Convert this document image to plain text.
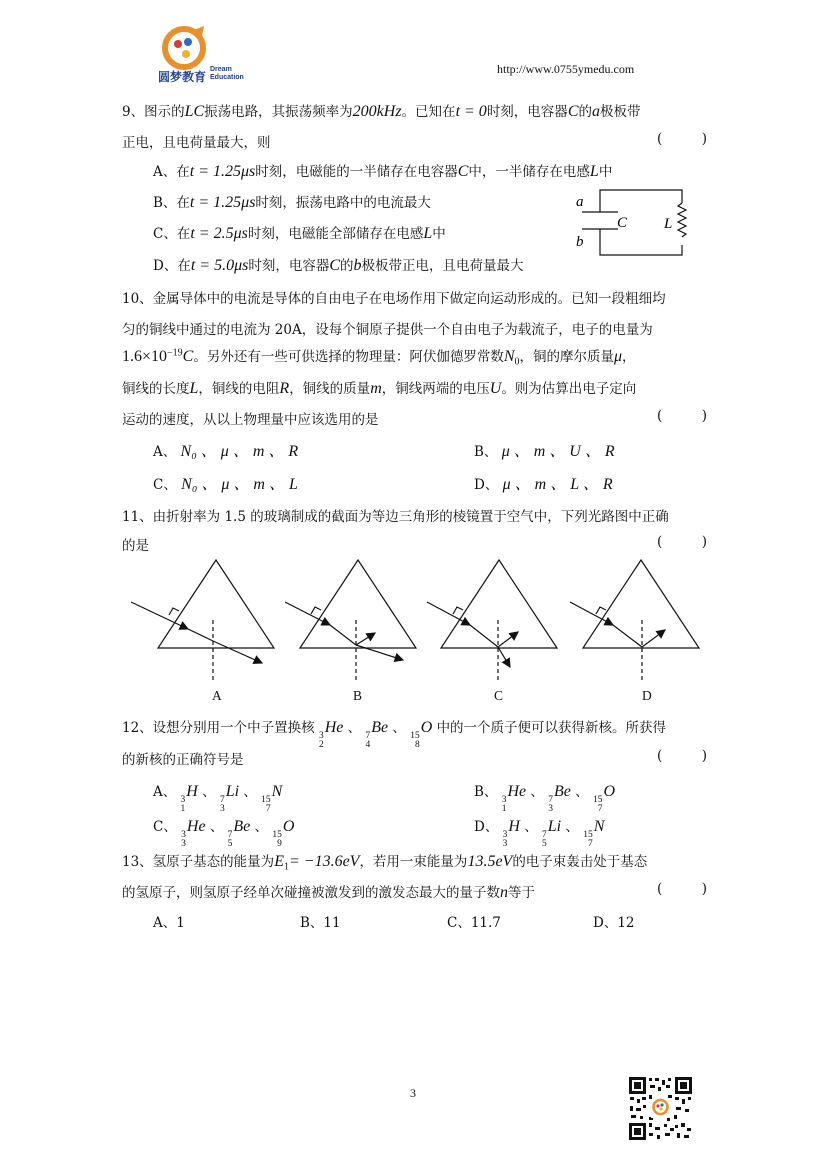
圆梦教育
Dream
Education
http://www.0755ymedu.com
9、图示的LC振荡电路，其振荡频率为200kHz。已知在t = 0时刻，电容器C的a极板带
正电，且电荷量最大，则	(	)
A、在t = 1.25μs时刻，电磁能的一半储存在电容器C中，一半储存在电感L中
B、在t = 1.25μs时刻，振荡电路中的电流最大
C、在t = 2.5μs时刻，电磁能全部储存在电感L中
D、在t = 5.0μs时刻，电容器C的b极板带正电，且电荷量最大
a
b
C L
10、金属导体中的电流是导体的自由电子在电场作用下做定向运动形成的。已知一段粗细均
匀的铜线中通过的电流为 20A，设每个铜原子提供一个自由电子为载流子，电子的电量为
$1.6\times 10^{-19}C$。另外还有一些可供选择的物理量：阿伏伽德罗常数$N_0$，铜的摩尔质量μ，
铜线的长度L，铜线的电阻R，铜线的质量m，铜线两端的电压U。则为估算出电子定向
运动的速度，从以上物理量中应该选用的是	(	)
A、 N₀ 、 μ 、 m 、 R	B、 μ 、 m 、 U 、 R
C、 N₀ 、 μ 、 m 、 L	D、 μ 、 m 、 L 、 R
11、由折射率为 1.5 的玻璃制成的截面为等边三角形的棱镜置于空气中，下列光路图中正确
的是	(	)
A	B	C	D
12、设想分别用一个中子置换核 3
2
He 、 7
4
Be 、 15
8
O 中的一个质子便可以获得新核。所获得
的新核的正确符号是	(	)
A、 3
1
H 、 7
3
Li 、 15
7
N	B、 3
1
He 、 7
3
Be 、 15
7
O
C、 3
3
He 、 7
5
Be 、 15
9
O	D、 3
3
H 、 7
5
Li 、 15
7
N
13、氢原子基态的能量为$E_1= -13.6eV$，若用一束能量为13.5eV的电子束轰击处于基态
的氢原子，则氢原子经单次碰撞被激发到的激发态最大的量子数n等于	(	)
A、1	B、11	C、11.7	D、12
3
